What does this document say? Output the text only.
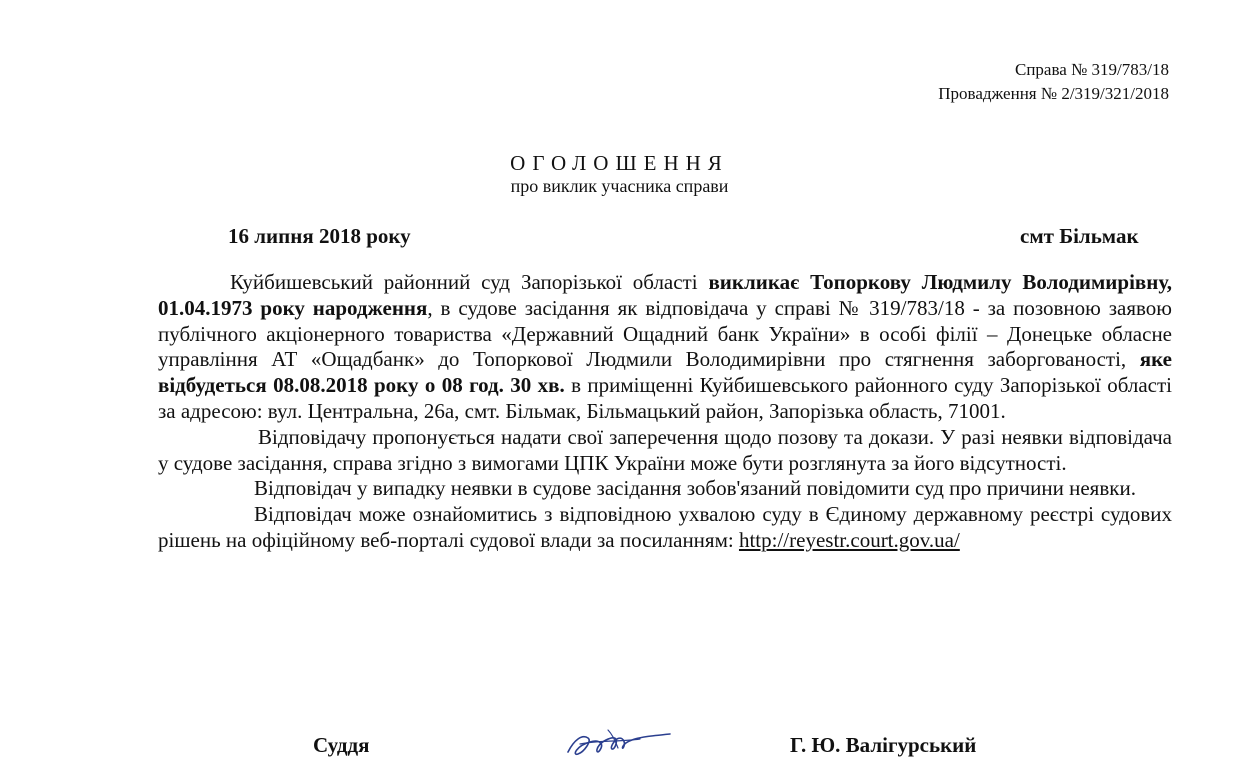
Справа № 319/783/18
Провадження № 2/319/321/2018
ОГОЛОШЕННЯ
про виклик учасника справи
16 липня 2018 року	смт Більмак

Куйбишевський районний суд Запорізької області викликає Топоркову Людмилу Володимирівну, 01.04.1973 року народження, в судове засідання як відповідача у справі № 319/783/18 - за позовною заявою публічного акціонерного товариства «Державний Ощадний банк України» в особі філії – Донецьке обласне управління АТ «Ощадбанк» до Топоркової Людмили Володимирівни про стягнення заборгованості, яке відбудеться 08.08.2018 року о 08 год. 30 хв. в приміщенні Куйбишевського районного суду Запорізької області за адресою: вул. Центральна, 26а, смт. Більмак, Більмацький район, Запорізька область, 71001.

Відповідачу пропонується надати свої заперечення щодо позову та докази. У разі неявки відповідача у судове засідання, справа згідно з вимогами ЦПК України може бути розглянута за його відсутності.

Відповідач у випадку неявки в судове засідання зобов'язаний повідомити суд про причини неявки.

Відповідач може ознайомитись з відповідною ухвалою суду в Єдиному державному реєстрі судових рішень на офіційному веб-порталі судової влади за посиланням: http://reyestr.court.gov.ua/

Суддя	Г. Ю. Валігурський
